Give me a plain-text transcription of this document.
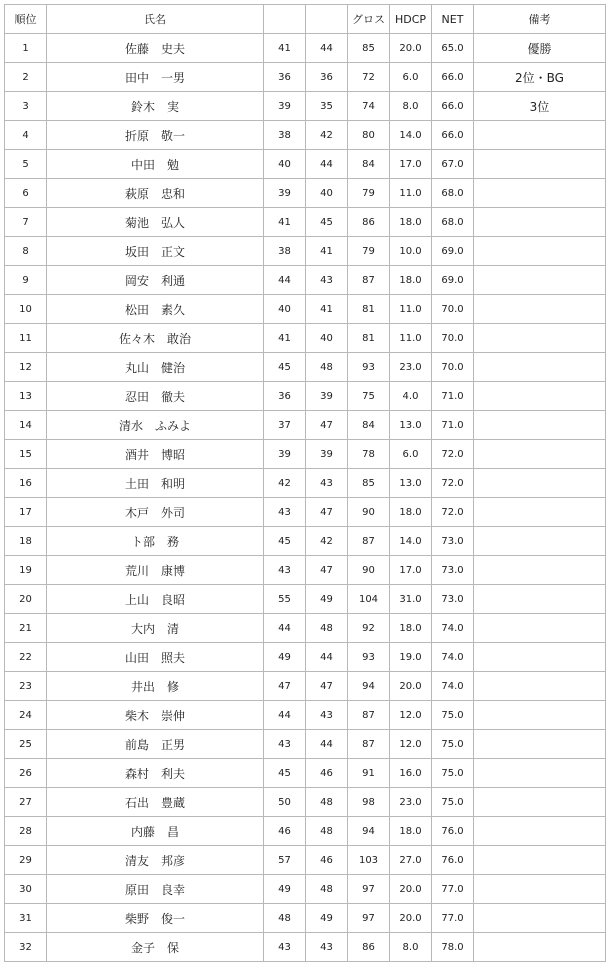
順位	氏名			グロス	HDCP	NET	備考
1	佐藤　史夫	41	44	85	20.0	65.0	優勝
2	田中　一男	36	36	72	6.0	66.0	2位・BG
3	鈴木　実	39	35	74	8.0	66.0	3位
4	折原　敬一	38	42	80	14.0	66.0	
5	中田　勉	40	44	84	17.0	67.0	
6	萩原　忠和	39	40	79	11.0	68.0	
7	菊池　弘人	41	45	86	18.0	68.0	
8	坂田　正文	38	41	79	10.0	69.0	
9	岡安　利通	44	43	87	18.0	69.0	
10	松田　素久	40	41	81	11.0	70.0	
11	佐々木　敢治	41	40	81	11.0	70.0	
12	丸山　健治	45	48	93	23.0	70.0	
13	忍田　徹夫	36	39	75	4.0	71.0	
14	清水　ふみよ	37	47	84	13.0	71.0	
15	酒井　博昭	39	39	78	6.0	72.0	
16	土田　和明	42	43	85	13.0	72.0	
17	木戸　外司	43	47	90	18.0	72.0	
18	ト部　務	45	42	87	14.0	73.0	
19	荒川　康博	43	47	90	17.0	73.0	
20	上山　良昭	55	49	104	31.0	73.0	
21	大内　清	44	48	92	18.0	74.0	
22	山田　照夫	49	44	93	19.0	74.0	
23	井出　修	47	47	94	20.0	74.0	
24	柴木　崇伸	44	43	87	12.0	75.0	
25	前島　正男	43	44	87	12.0	75.0	
26	森村　利夫	45	46	91	16.0	75.0	
27	石出　豊蔵	50	48	98	23.0	75.0	
28	内藤　昌	46	48	94	18.0	76.0	
29	清友　邦彦	57	46	103	27.0	76.0	
30	原田　良幸	49	48	97	20.0	77.0	
31	柴野　俊一	48	49	97	20.0	77.0	
32	金子　保	43	43	86	8.0	78.0	
